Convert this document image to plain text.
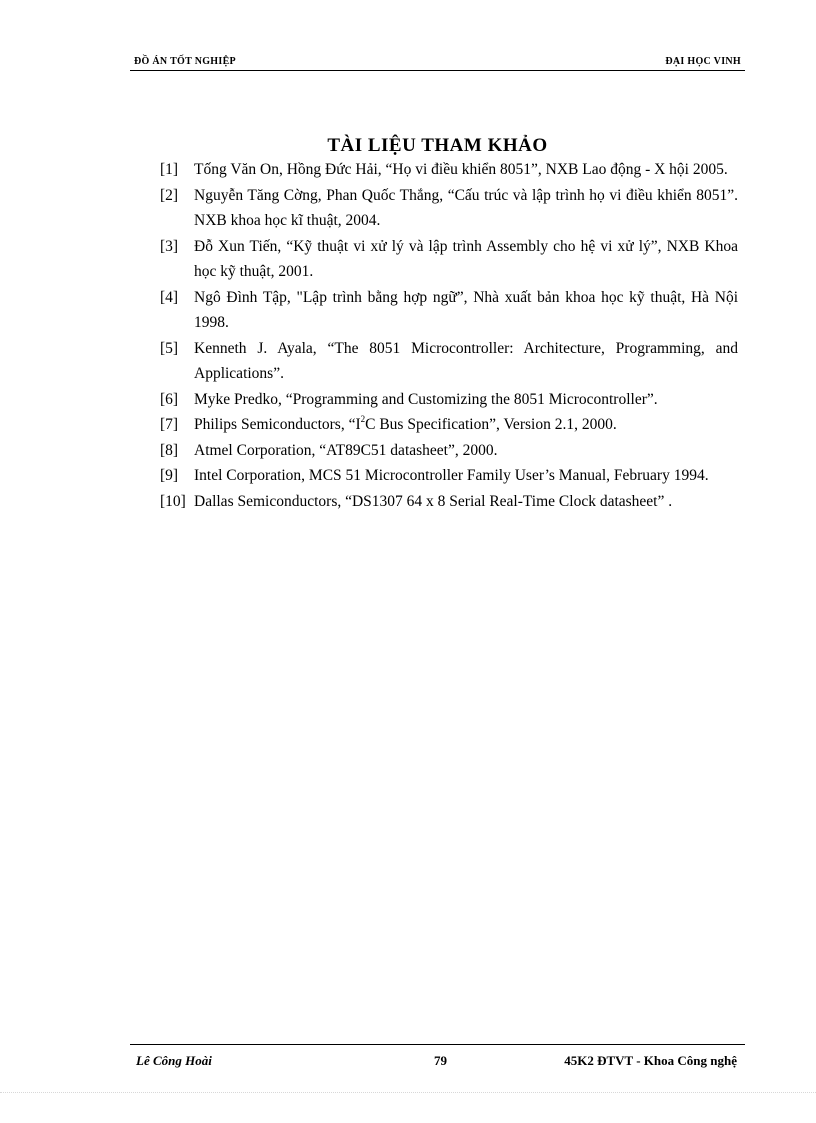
ĐỒ ÁN TỐT NGHIỆP	ĐẠI HỌC VINH
TÀI LIỆU THAM KHẢO
[1]	Tống Văn On, Hồng Đức Hải, “Họ vi điều khiển 8051”, NXB Lao động - X hội 2005.
[2]	Nguyễn Tăng Cờng, Phan Quốc Thắng, “Cấu trúc và lập trình họ vi điều khiển 8051”. NXB khoa học kĩ thuật, 2004.
[3]	Đỗ Xun Tiến, “Kỹ thuật vi xử lý và lập trình Assembly cho hệ vi xử lý”, NXB Khoa học kỹ thuật, 2001.
[4]	Ngô Đình Tập, "Lập trình bằng hợp ngữ”, Nhà xuất bản khoa học kỹ thuật, Hà Nội 1998.
[5]	Kenneth J. Ayala, “The 8051 Microcontroller: Architecture, Programming, and Applications”.
[6]	Myke Predko, “Programming and Customizing the 8051 Microcontroller”.
[7]	Philips Semiconductors, “$I^2C$ Bus Specification”, Version 2.1, 2000.
[8]	Atmel Corporation, “AT89C51 datasheet”, 2000.
[9]	Intel Corporation, MCS 51 Microcontroller Family User’s Manual, February 1994.
[10] Dallas Semiconductors, “DS1307 64 x 8 Serial Real-Time Clock datasheet” .
Lê Công Hoài	79	45K2 ĐTVT - Khoa Công nghệ
